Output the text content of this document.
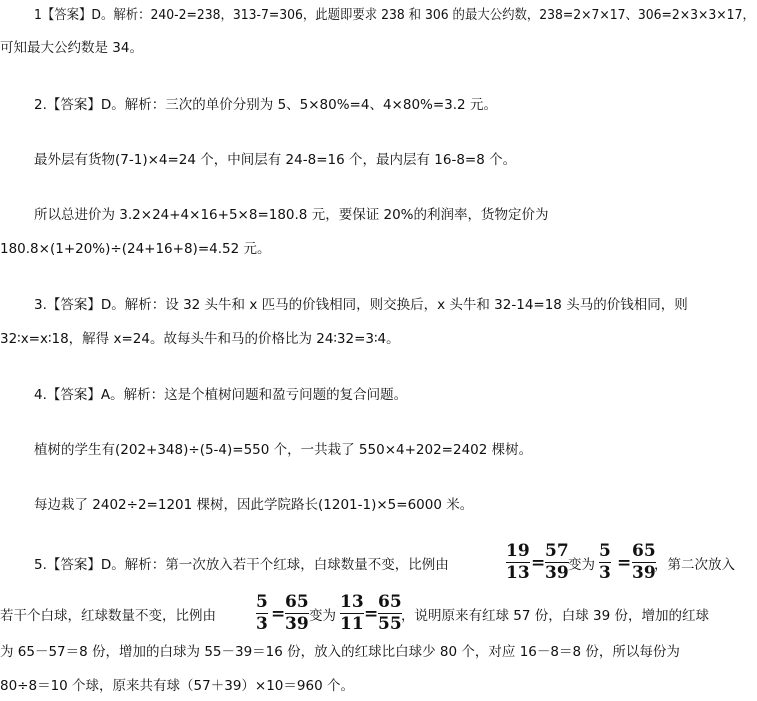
1【答案】D。解析：240-2=238，313-7=306，此题即要求 238 和 306 的最大公约数，238=2×7×17、306=2×3×3×17，
可知最大公约数是 34。
2.【答案】D。解析：三次的单价分别为 5、5×80%=4、4×80%=3.2 元。
最外层有货物(7-1)×4=24 个，中间层有 24-8=16 个，最内层有 16-8=8 个。
所以总进价为 3.2×24+4×16+5×8=180.8 元，要保证 20%的利润率，货物定价为
180.8×(1+20%)÷(24+16+8)=4.52 元。
3.【答案】D。解析：设 32 头牛和 x 匹马的价钱相同，则交换后，x 头牛和 32-14=18 头马的价钱相同，则
32∶x=x∶18，解得 x=24。故每头牛和马的价格比为 24∶32=3∶4。
4.【答案】A。解析：这是个植树问题和盈亏问题的复合问题。
植树的学生有(202+348)÷(5-4)=550 个，一共栽了 550×4+202=2402 棵树。
每边栽了 2402÷2=1201 棵树，因此学院路长(1201-1)×5=6000 米。
5.【答案】D。解析：第一次放入若干个红球，白球数量不变，比例由
19
13 =
57
39 变为
5
3 =
65
39
，第二次放入
若干个白球，红球数量不变，比例由
5
3 =
65
39 变为
13
11 =
65
55 ，说明原来有红球 57 份，白球 39 份，增加的红球
为 65－57＝8 份，增加的白球为 55－39＝16 份，放入的红球比白球少 80 个，对应 16－8＝8 份，所以每份为
80÷8＝10 个球，原来共有球（57＋39）×10＝960 个。
